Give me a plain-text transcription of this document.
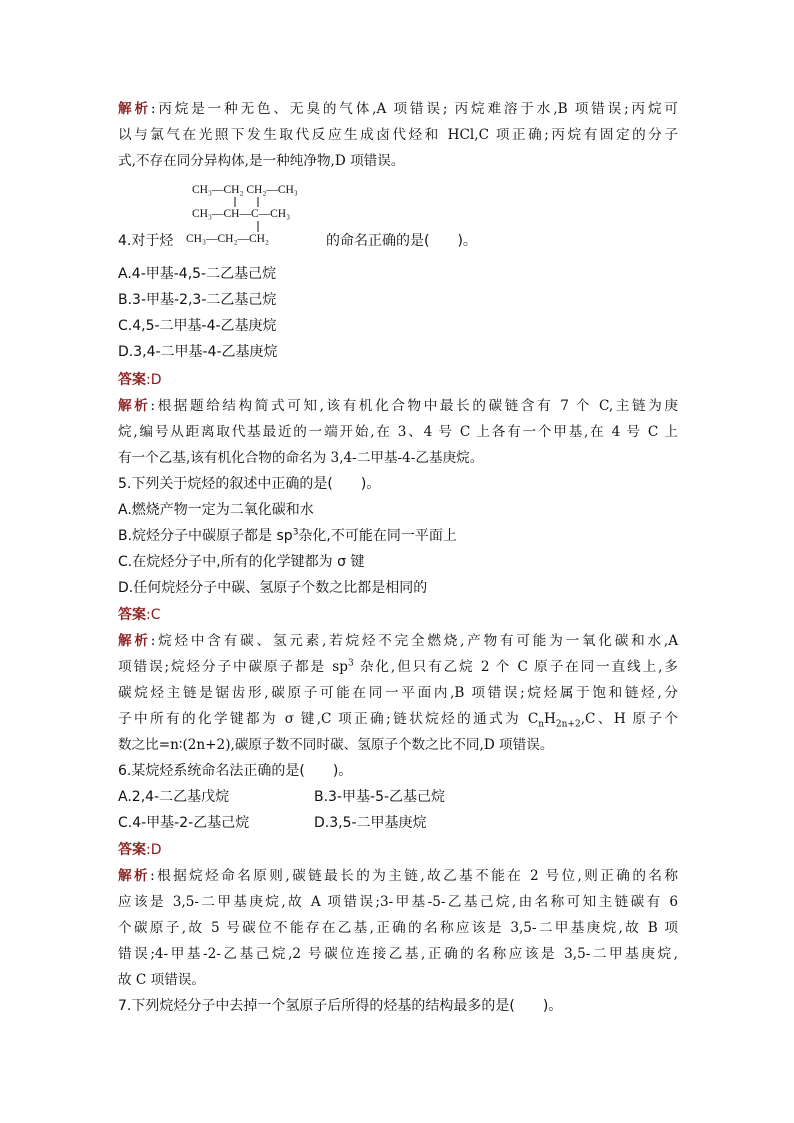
解析:丙烷是一种无色、无臭的气体,A 项错误; 丙烷难溶于水,B 项错误;丙烷可
以与氯气在光照下发生取代反应生成卤代烃和 HCl,C 项正确;丙烷有固定的分子
式,不存在同分异构体,是一种纯净物,D 项错误。
CH₃—CH₂ CH₂—CH₃
CH₃—CH—C—CH₃
CH₃—CH₂—CH₂
4.对于烃	的命名正确的是(　　)。
A.4-甲基-4,5-二乙基己烷
B.3-甲基-2,3-二乙基己烷
C.4,5-二甲基-4-乙基庚烷
D.3,4-二甲基-4-乙基庚烷
答案:D
解析:根据题给结构简式可知,该有机化合物中最长的碳链含有 7 个 C,主链为庚
烷,编号从距离取代基最近的一端开始,在 3、4 号 C 上各有一个甲基,在 4 号 C 上
有一个乙基,该有机化合物的命名为 3,4-二甲基-4-乙基庚烷。
5.下列关于烷烃的叙述中正确的是(　　)。
A.燃烧产物一定为二氧化碳和水
B.烷烃分子中碳原子都是 $sp^3$杂化,不可能在同一平面上
C.在烷烃分子中,所有的化学键都为 σ 键
D.任何烷烃分子中碳、氢原子个数之比都是相同的
答案:C
解析:烷烃中含有碳、氢元素,若烷烃不完全燃烧,产物有可能为一氧化碳和水,A
项错误;烷烃分子中碳原子都是 $sp^3$ 杂化,但只有乙烷 2 个 C 原子在同一直线上,多
碳烷烃主链是锯齿形,碳原子可能在同一平面内,B 项错误;烷烃属于饱和链烃,分
子中所有的化学键都为 σ 键,C 项正确;链状烷烃的通式为 $C_nH_{2n+2},C$、H 原子个
数之比=n∶(2n+2),碳原子数不同时碳、氢原子个数之比不同,D 项错误。
6.某烷烃系统命名法正确的是(　　)。
A.2,4-二乙基戊烷	B.3-甲基-5-乙基己烷
C.4-甲基-2-乙基己烷	D.3,5-二甲基庚烷
答案:D
解析:根据烷烃命名原则,碳链最长的为主链,故乙基不能在 2 号位,则正确的名称
应该是 3,5-二甲基庚烷,故 A 项错误;3-甲基-5-乙基己烷,由名称可知主链碳有 6
个碳原子,故 5 号碳位不能存在乙基,正确的名称应该是 3,5-二甲基庚烷,故 B 项
错误;4-甲基-2-乙基己烷,2 号碳位连接乙基,正确的名称应该是 3,5-二甲基庚烷,
故 C 项错误。
7.下列烷烃分子中去掉一个氢原子后所得的烃基的结构最多的是(　　)。
